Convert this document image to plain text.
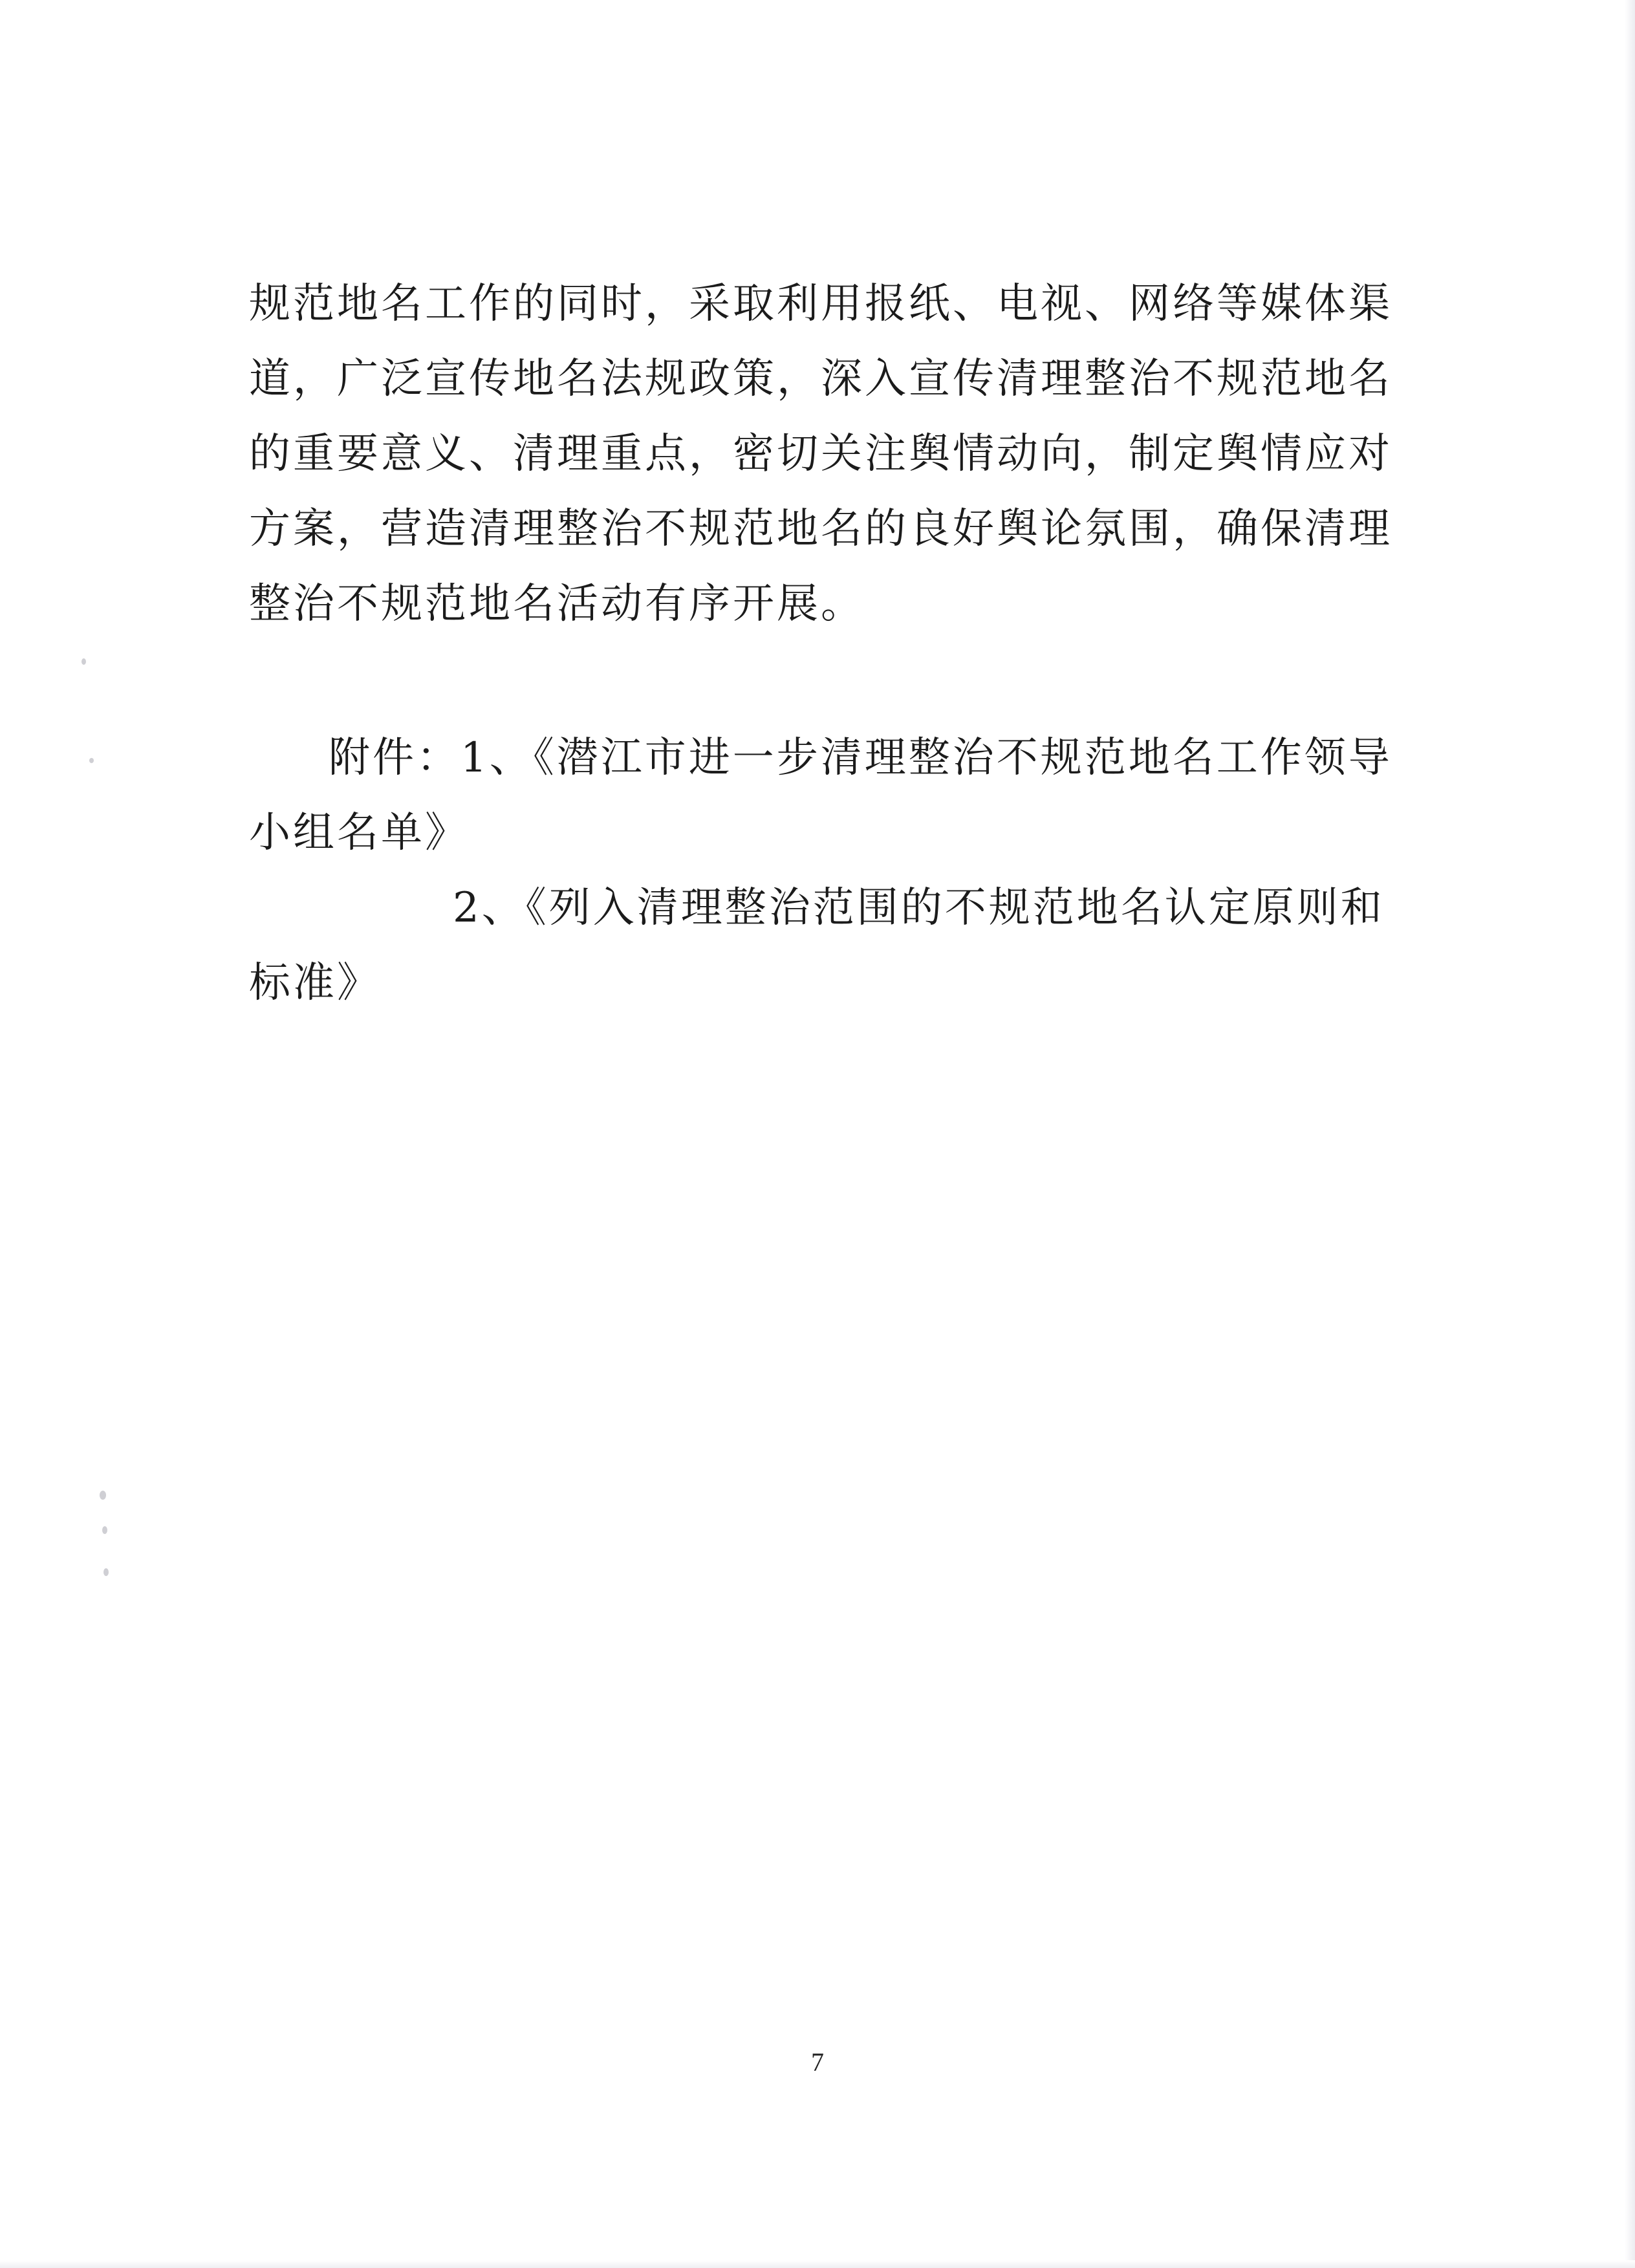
规范地名工作的同时，采取利用报纸、电视、网络等媒体渠

道，广泛宣传地名法规政策，深入宣传清理整治不规范地名

的重要意义、清理重点，密切关注舆情动向，制定舆情应对

方案，营造清理整治不规范地名的良好舆论氛围，确保清理

整治不规范地名活动有序开展。

附件：1、《潜江市进一步清理整治不规范地名工作领导

小组名单》

2、《列入清理整治范围的不规范地名认定原则和

标准》

7
